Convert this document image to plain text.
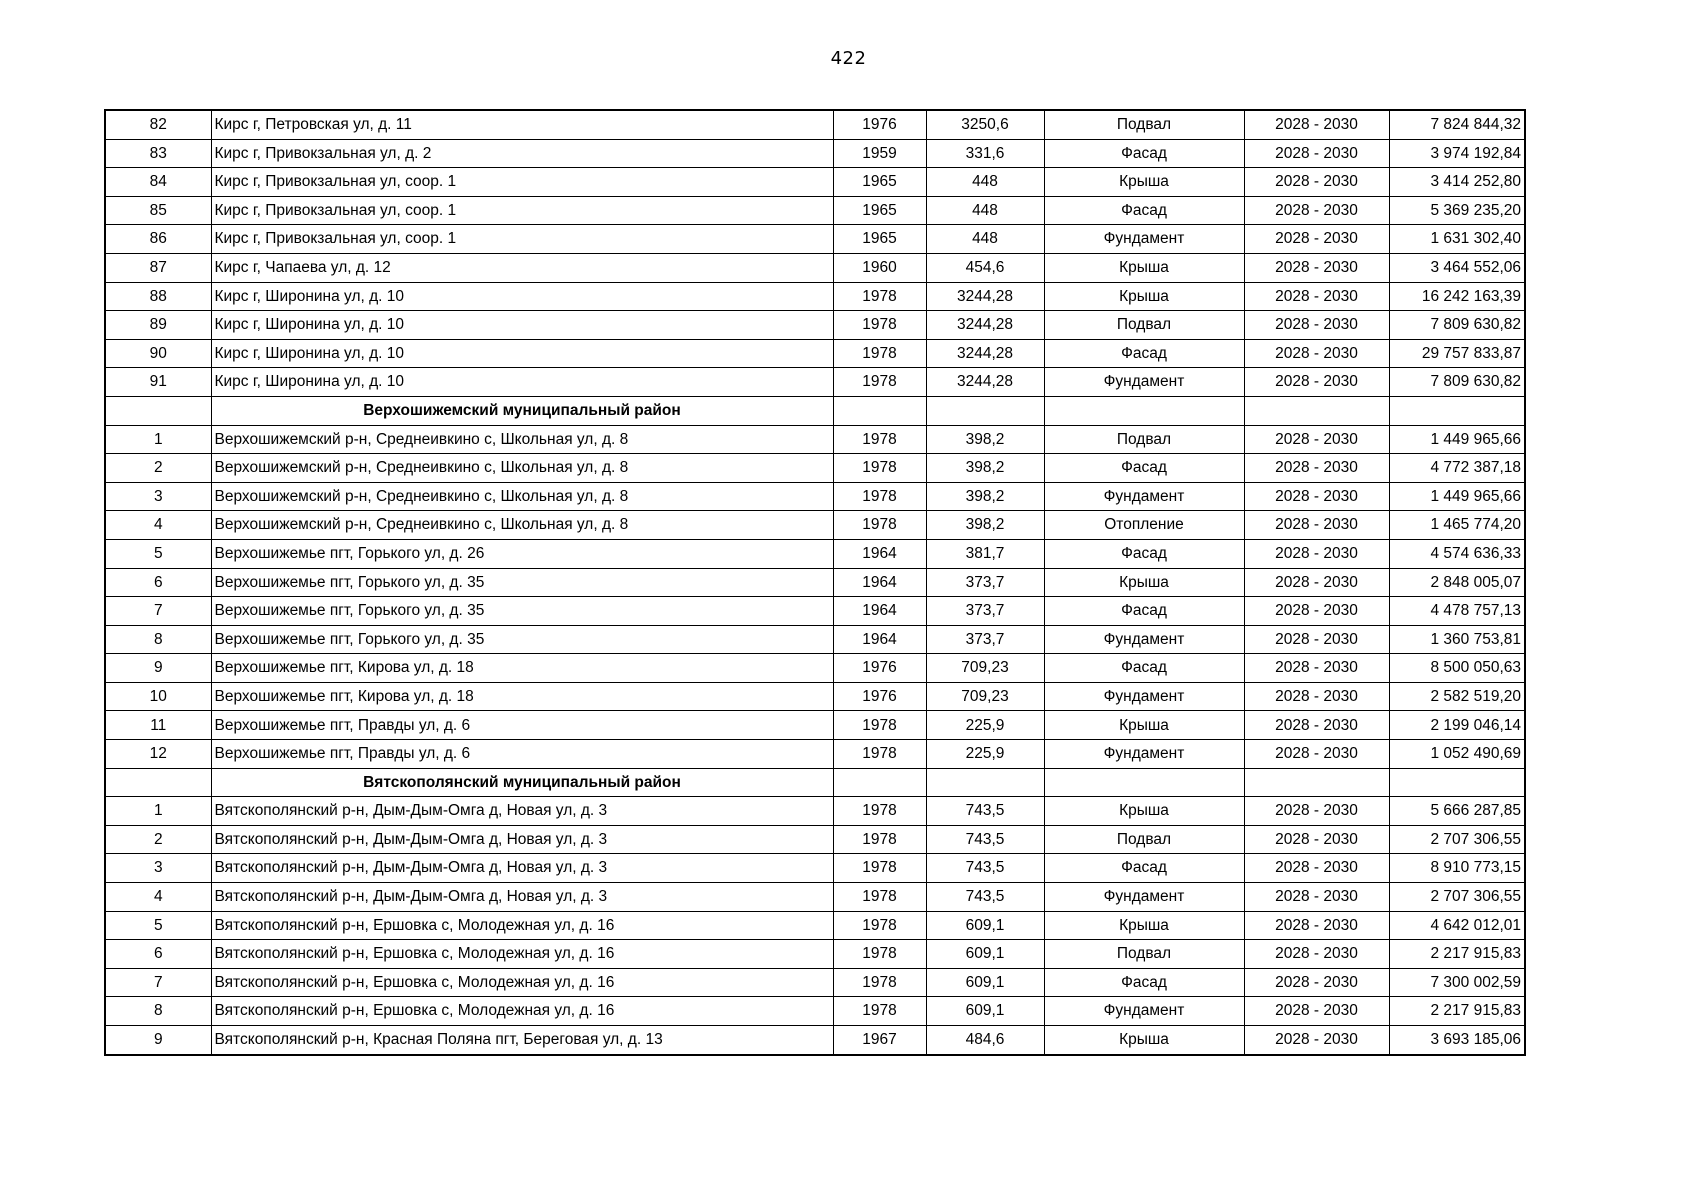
422
82	Кирс г, Петровская ул, д. 11	1976	3250,6	Подвал	2028 - 2030	7 824 844,32
83	Кирс г, Привокзальная ул, д. 2	1959	331,6	Фасад	2028 - 2030	3 974 192,84
84	Кирс г, Привокзальная ул, соор. 1	1965	448	Крыша	2028 - 2030	3 414 252,80
85	Кирс г, Привокзальная ул, соор. 1	1965	448	Фасад	2028 - 2030	5 369 235,20
86	Кирс г, Привокзальная ул, соор. 1	1965	448	Фундамент	2028 - 2030	1 631 302,40
87	Кирс г, Чапаева ул, д. 12	1960	454,6	Крыша	2028 - 2030	3 464 552,06
88	Кирс г, Широнина ул, д. 10	1978	3244,28	Крыша	2028 - 2030	16 242 163,39
89	Кирс г, Широнина ул, д. 10	1978	3244,28	Подвал	2028 - 2030	7 809 630,82
90	Кирс г, Широнина ул, д. 10	1978	3244,28	Фасад	2028 - 2030	29 757 833,87
91	Кирс г, Широнина ул, д. 10	1978	3244,28	Фундамент	2028 - 2030	7 809 630,82
	Верхошижемский муниципальный район					
1	Верхошижемский р-н, Среднеивкино с, Школьная ул, д. 8	1978	398,2	Подвал	2028 - 2030	1 449 965,66
2	Верхошижемский р-н, Среднеивкино с, Школьная ул, д. 8	1978	398,2	Фасад	2028 - 2030	4 772 387,18
3	Верхошижемский р-н, Среднеивкино с, Школьная ул, д. 8	1978	398,2	Фундамент	2028 - 2030	1 449 965,66
4	Верхошижемский р-н, Среднеивкино с, Школьная ул, д. 8	1978	398,2	Отопление	2028 - 2030	1 465 774,20
5	Верхошижемье пгт, Горького ул, д. 26	1964	381,7	Фасад	2028 - 2030	4 574 636,33
6	Верхошижемье пгт, Горького ул, д. 35	1964	373,7	Крыша	2028 - 2030	2 848 005,07
7	Верхошижемье пгт, Горького ул, д. 35	1964	373,7	Фасад	2028 - 2030	4 478 757,13
8	Верхошижемье пгт, Горького ул, д. 35	1964	373,7	Фундамент	2028 - 2030	1 360 753,81
9	Верхошижемье пгт, Кирова ул, д. 18	1976	709,23	Фасад	2028 - 2030	8 500 050,63
10	Верхошижемье пгт, Кирова ул, д. 18	1976	709,23	Фундамент	2028 - 2030	2 582 519,20
11	Верхошижемье пгт, Правды ул, д. 6	1978	225,9	Крыша	2028 - 2030	2 199 046,14
12	Верхошижемье пгт, Правды ул, д. 6	1978	225,9	Фундамент	2028 - 2030	1 052 490,69
	Вятскополянский муниципальный район					
1	Вятскополянский р-н, Дым-Дым-Омга д, Новая ул, д. 3	1978	743,5	Крыша	2028 - 2030	5 666 287,85
2	Вятскополянский р-н, Дым-Дым-Омга д, Новая ул, д. 3	1978	743,5	Подвал	2028 - 2030	2 707 306,55
3	Вятскополянский р-н, Дым-Дым-Омга д, Новая ул, д. 3	1978	743,5	Фасад	2028 - 2030	8 910 773,15
4	Вятскополянский р-н, Дым-Дым-Омга д, Новая ул, д. 3	1978	743,5	Фундамент	2028 - 2030	2 707 306,55
5	Вятскополянский р-н, Ершовка с, Молодежная ул, д. 16	1978	609,1	Крыша	2028 - 2030	4 642 012,01
6	Вятскополянский р-н, Ершовка с, Молодежная ул, д. 16	1978	609,1	Подвал	2028 - 2030	2 217 915,83
7	Вятскополянский р-н, Ершовка с, Молодежная ул, д. 16	1978	609,1	Фасад	2028 - 2030	7 300 002,59
8	Вятскополянский р-н, Ершовка с, Молодежная ул, д. 16	1978	609,1	Фундамент	2028 - 2030	2 217 915,83
9	Вятскополянский р-н, Красная Поляна пгт, Береговая ул, д. 13	1967	484,6	Крыша	2028 - 2030	3 693 185,06
